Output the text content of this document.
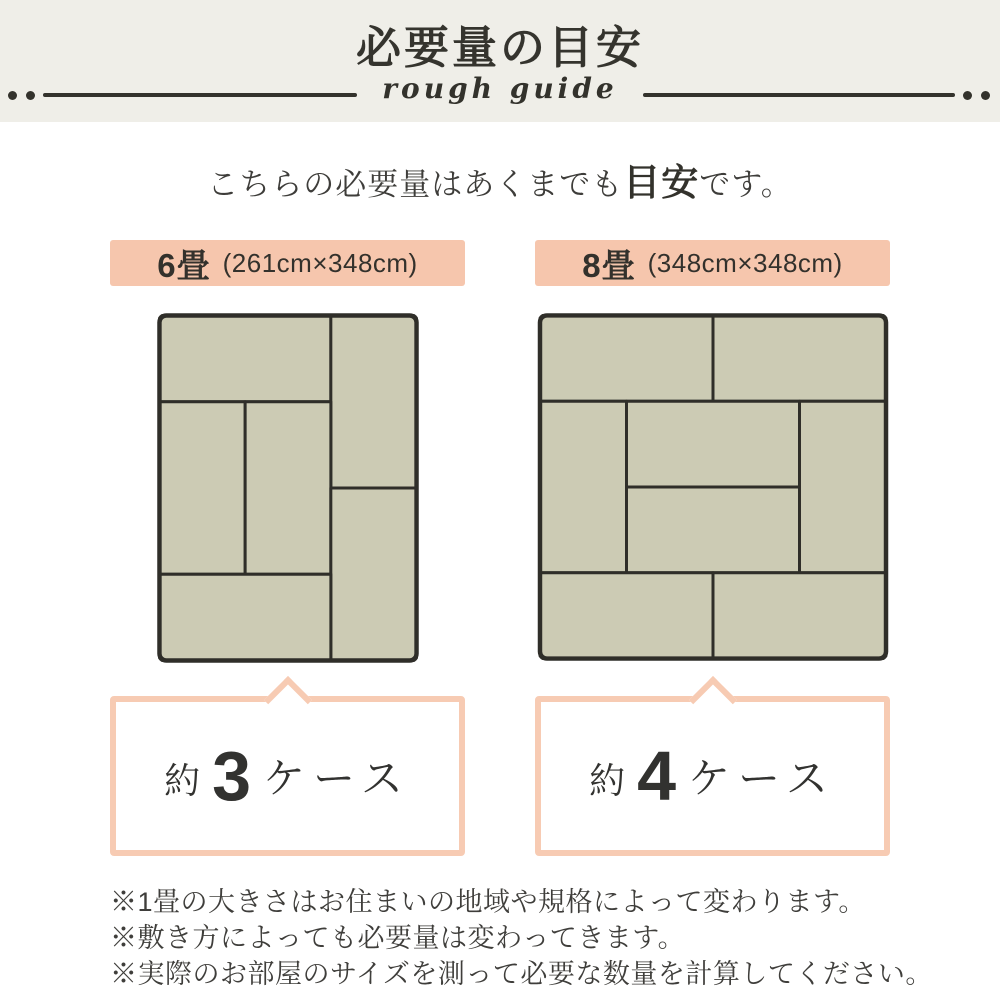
必要量の目安
rough guide
こちらの必要量はあくまでも目安です。
6畳 (261cm×348cm)
約 3 ケース
8畳 (348cm×348cm)
約 4 ケース
※1畳の大きさはお住まいの地域や規格によって変わります。
※敷き方によっても必要量は変わってきます。
※実際のお部屋のサイズを測って必要な数量を計算してください。
